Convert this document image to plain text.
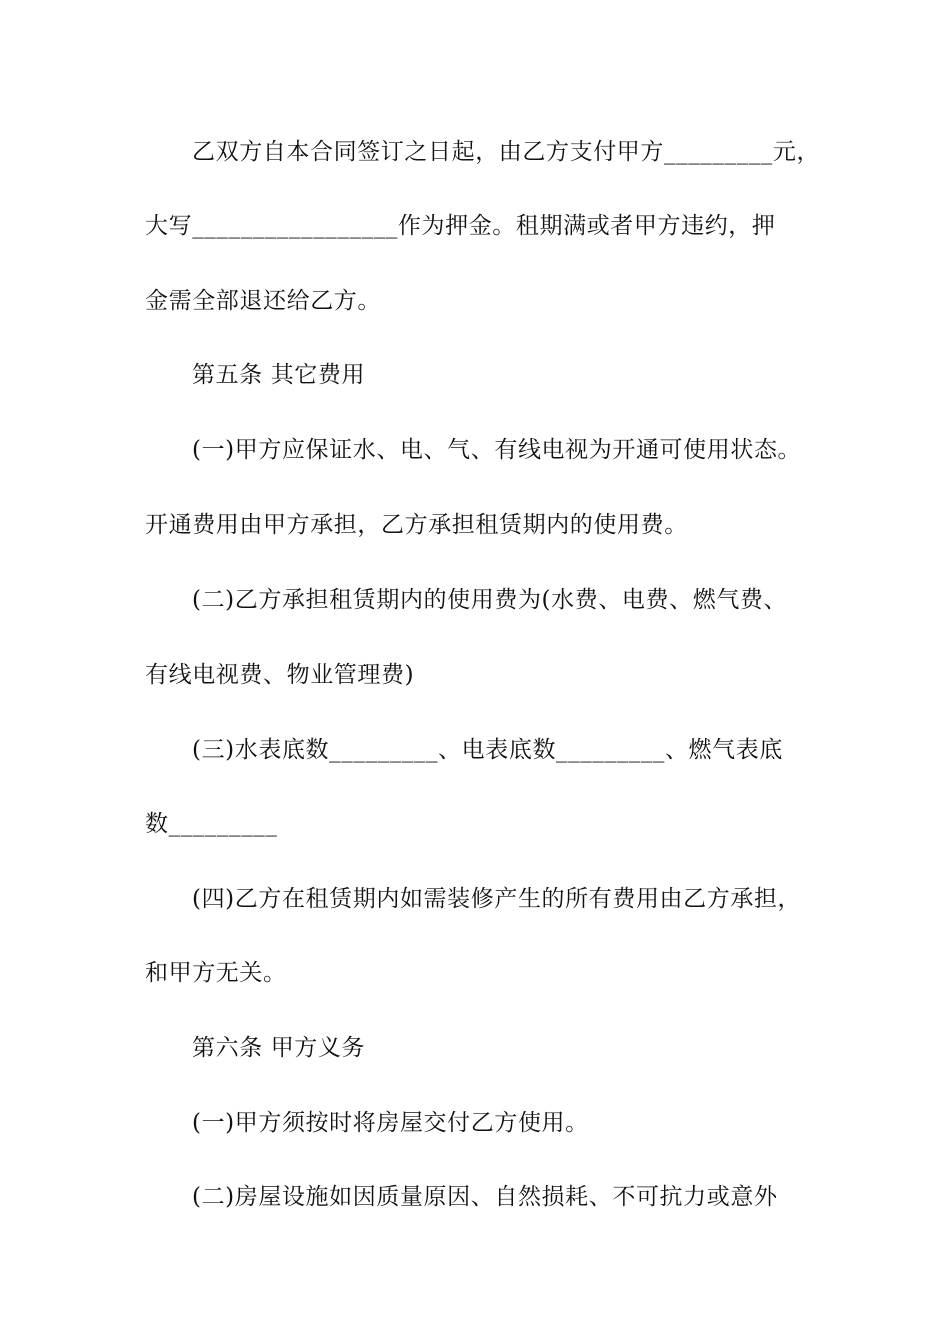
乙双方自本合同签订之日起，由乙方支付甲方_________元，

大写_________________作为押金。租期满或者甲方违约，押

金需全部退还给乙方。

第五条 其它费用

(一)甲方应保证水、电、气、有线电视为开通可使用状态。

开通费用由甲方承担，乙方承担租赁期内的使用费。

(二)乙方承担租赁期内的使用费为(水费、电费、燃气费、

有线电视费、物业管理费)

(三)水表底数_________、电表底数_________、燃气表底

数_________

(四)乙方在租赁期内如需装修产生的所有费用由乙方承担，

和甲方无关。

第六条 甲方义务

(一)甲方须按时将房屋交付乙方使用。

(二)房屋设施如因质量原因、自然损耗、不可抗力或意外
